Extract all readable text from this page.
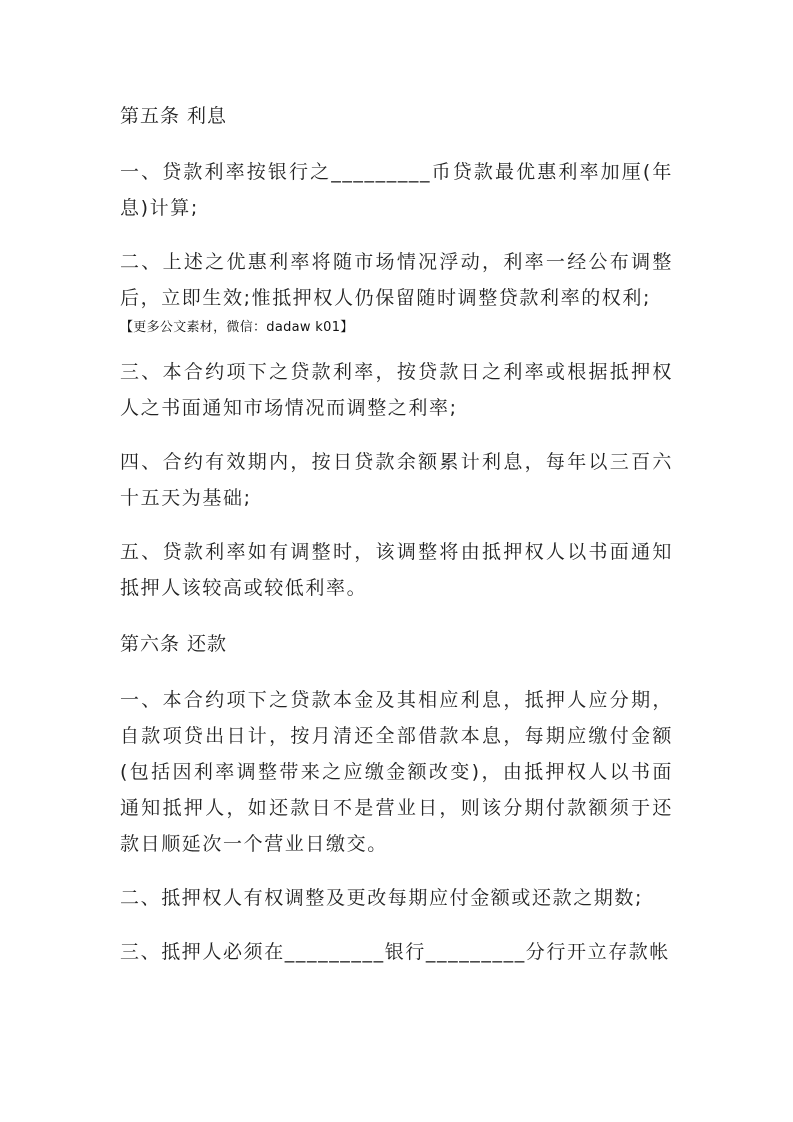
第五条 利息
一、贷款利率按银行之_________币贷款最优惠利率加厘(年息)计算;
二、上述之优惠利率将随市场情况浮动，利率一经公布调整后，立即生效;惟抵押权人仍保留随时调整贷款利率的权利;
【更多公文素材，微信：dadaw k01】
三、本合约项下之贷款利率，按贷款日之利率或根据抵押权人之书面通知市场情况而调整之利率;
四、合约有效期内，按日贷款余额累计利息，每年以三百六十五天为基础;
五、贷款利率如有调整时，该调整将由抵押权人以书面通知抵押人该较高或较低利率。
第六条 还款
一、本合约项下之贷款本金及其相应利息，抵押人应分期，自款项贷出日计，按月清还全部借款本息，每期应缴付金额(包括因利率调整带来之应缴金额改变)，由抵押权人以书面通知抵押人，如还款日不是营业日，则该分期付款额须于还款日顺延次一个营业日缴交。
二、抵押权人有权调整及更改每期应付金额或还款之期数;
三、抵押人必须在_________银行_________分行开立存款帐
